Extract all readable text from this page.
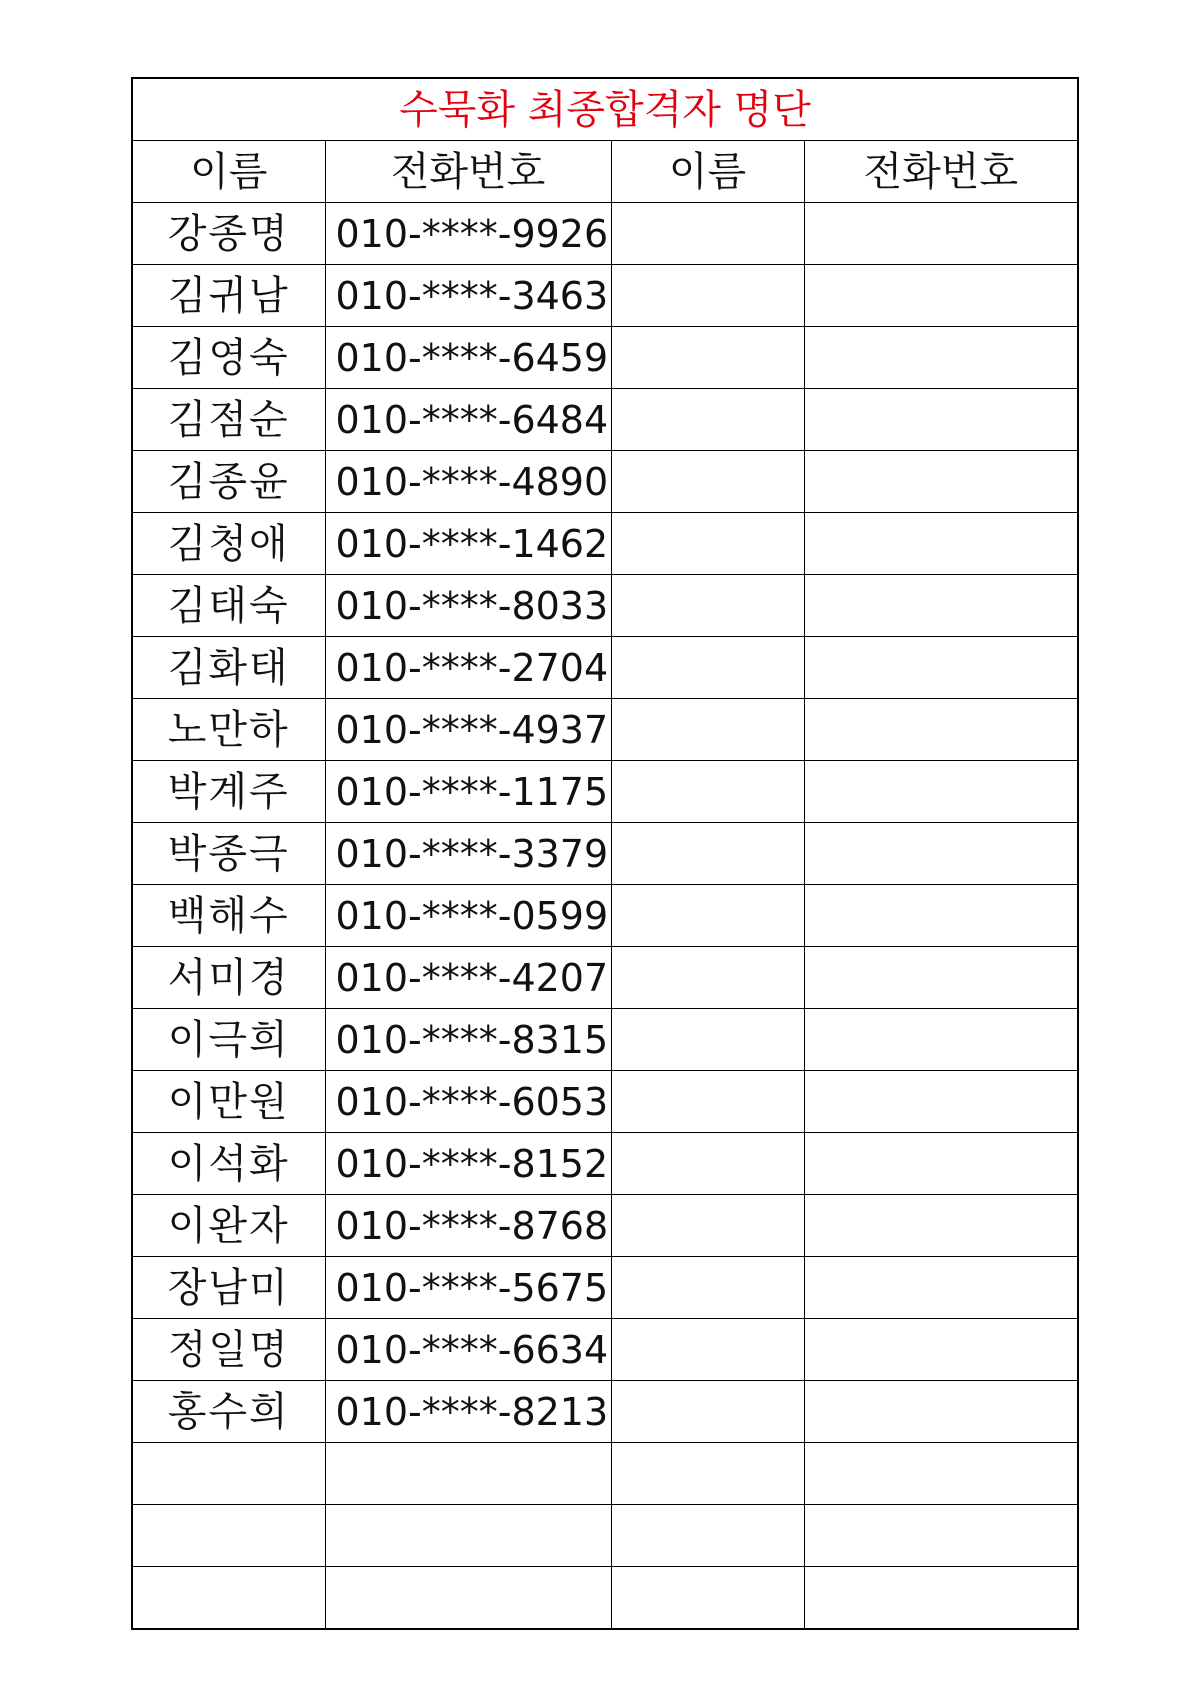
수묵화 최종합격자 명단			
이름	전화번호	이름	전화번호
강종명	010-****-9926		
김귀남	010-****-3463		
김영숙	010-****-6459		
김점순	010-****-6484		
김종윤	010-****-4890		
김청애	010-****-1462		
김태숙	010-****-8033		
김화태	010-****-2704		
노만하	010-****-4937		
박계주	010-****-1175		
박종극	010-****-3379		
백해수	010-****-0599		
서미경	010-****-4207		
이극희	010-****-8315		
이만원	010-****-6053		
이석화	010-****-8152		
이완자	010-****-8768		
장남미	010-****-5675		
정일명	010-****-6634		
홍수희	010-****-8213		
